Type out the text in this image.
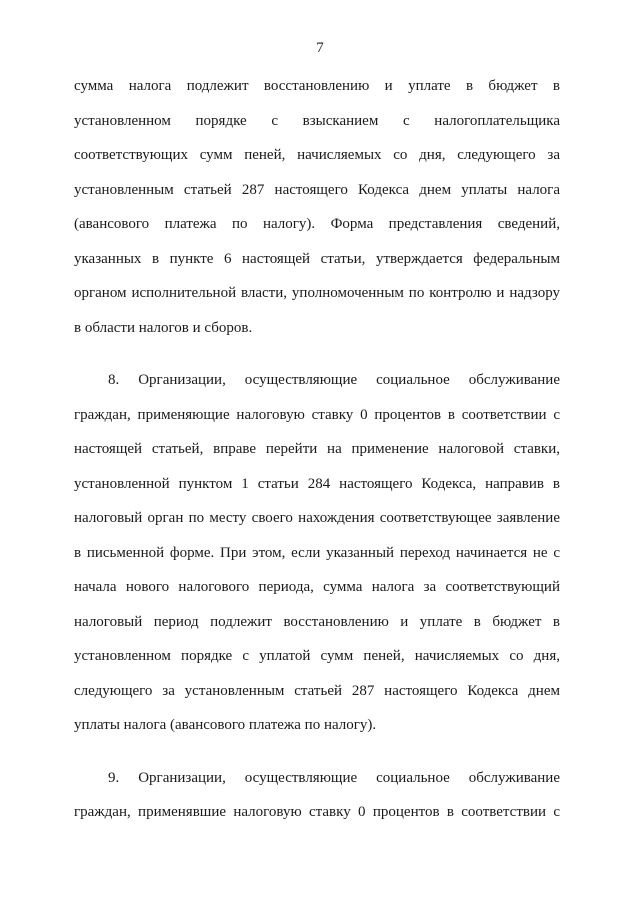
7
сумма налога подлежит восстановлению и уплате в бюджет в
установленном порядке с взысканием с налогоплательщика
соответствующих сумм пеней, начисляемых со дня, следующего за
установленным статьей 287 настоящего Кодекса днем уплаты налога
(авансового платежа по налогу). Форма представления сведений,
указанных в пункте 6 настоящей статьи, утверждается федеральным
органом исполнительной власти, уполномоченным по контролю и надзору
в области налогов и сборов.
8. Организации, осуществляющие социальное обслуживание
граждан, применяющие налоговую ставку 0 процентов в соответствии с
настоящей статьей, вправе перейти на применение налоговой ставки,
установленной пунктом 1 статьи 284 настоящего Кодекса, направив в
налоговый орган по месту своего нахождения соответствующее заявление
в письменной форме. При этом, если указанный переход начинается не с
начала нового налогового периода, сумма налога за соответствующий
налоговый период подлежит восстановлению и уплате в бюджет в
установленном порядке с уплатой сумм пеней, начисляемых со дня,
следующего за установленным статьей 287 настоящего Кодекса днем
уплаты налога (авансового платежа по налогу).
9. Организации, осуществляющие социальное обслуживание
граждан, применявшие налоговую ставку 0 процентов в соответствии с
